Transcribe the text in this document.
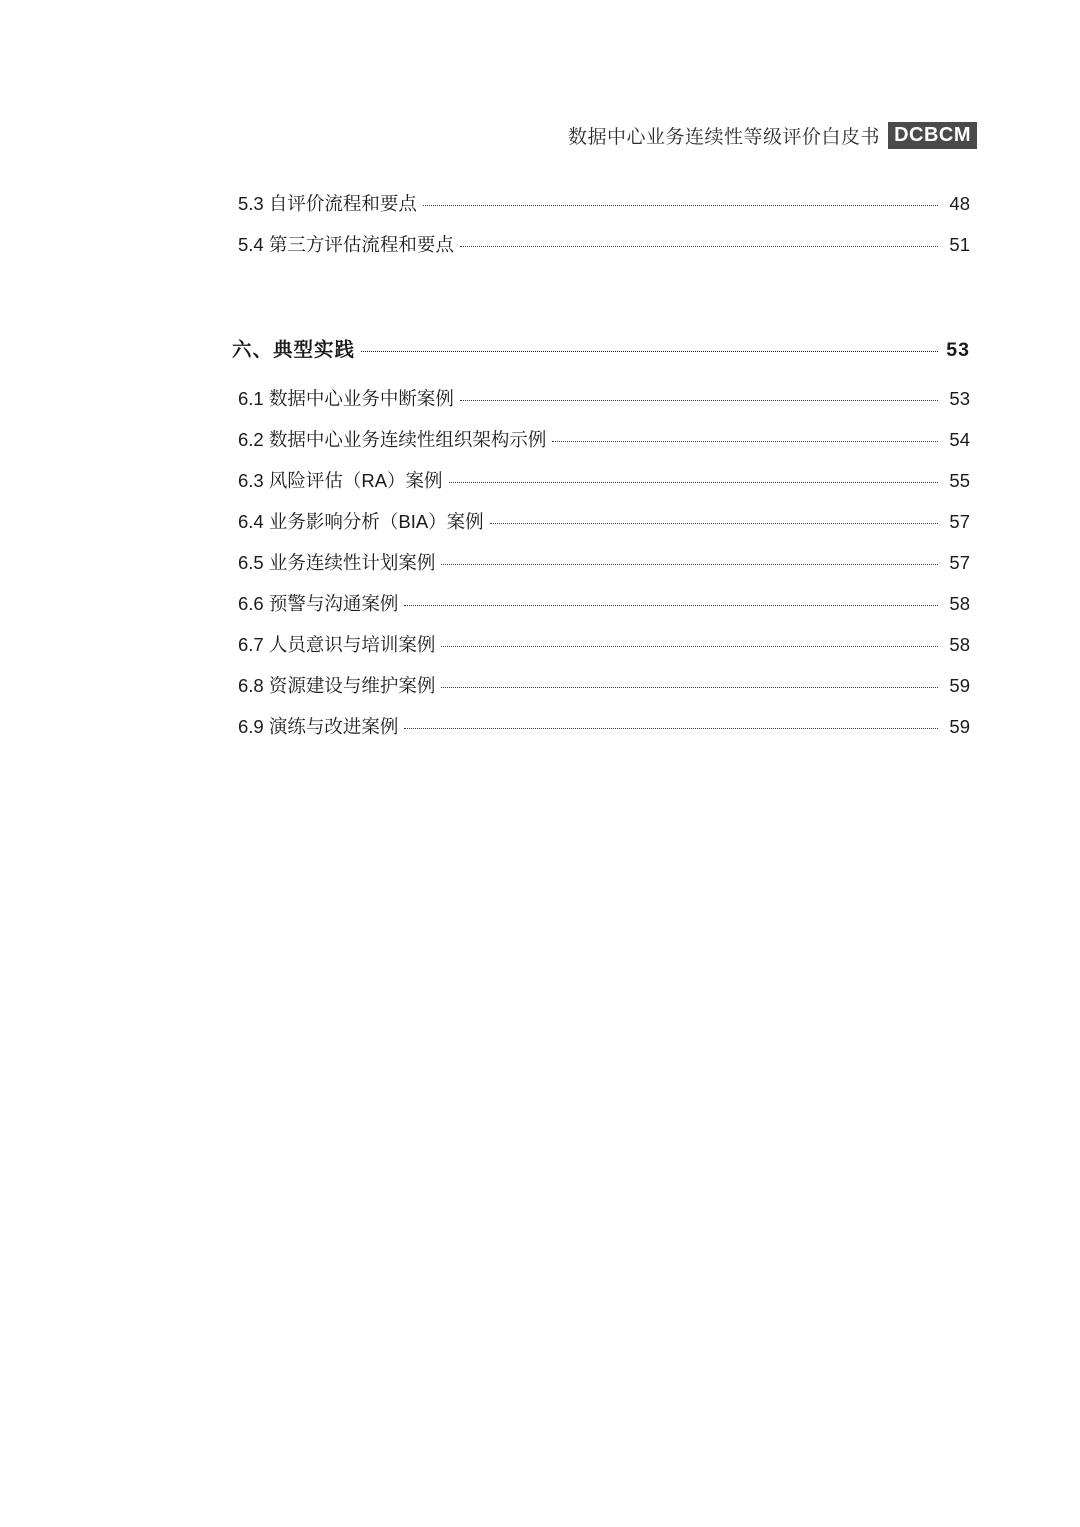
数据中心业务连续性等级评价白皮书 DCBCM
5.3 自评价流程和要点	48
5.4 第三方评估流程和要点	51
六、典型实践	53
6.1 数据中心业务中断案例	53
6.2 数据中心业务连续性组织架构示例	54
6.3 风险评估（RA）案例	55
6.4 业务影响分析（BIA）案例	57
6.5 业务连续性计划案例	57
6.6 预警与沟通案例	58
6.7 人员意识与培训案例	58
6.8 资源建设与维护案例	59
6.9 演练与改进案例	59
